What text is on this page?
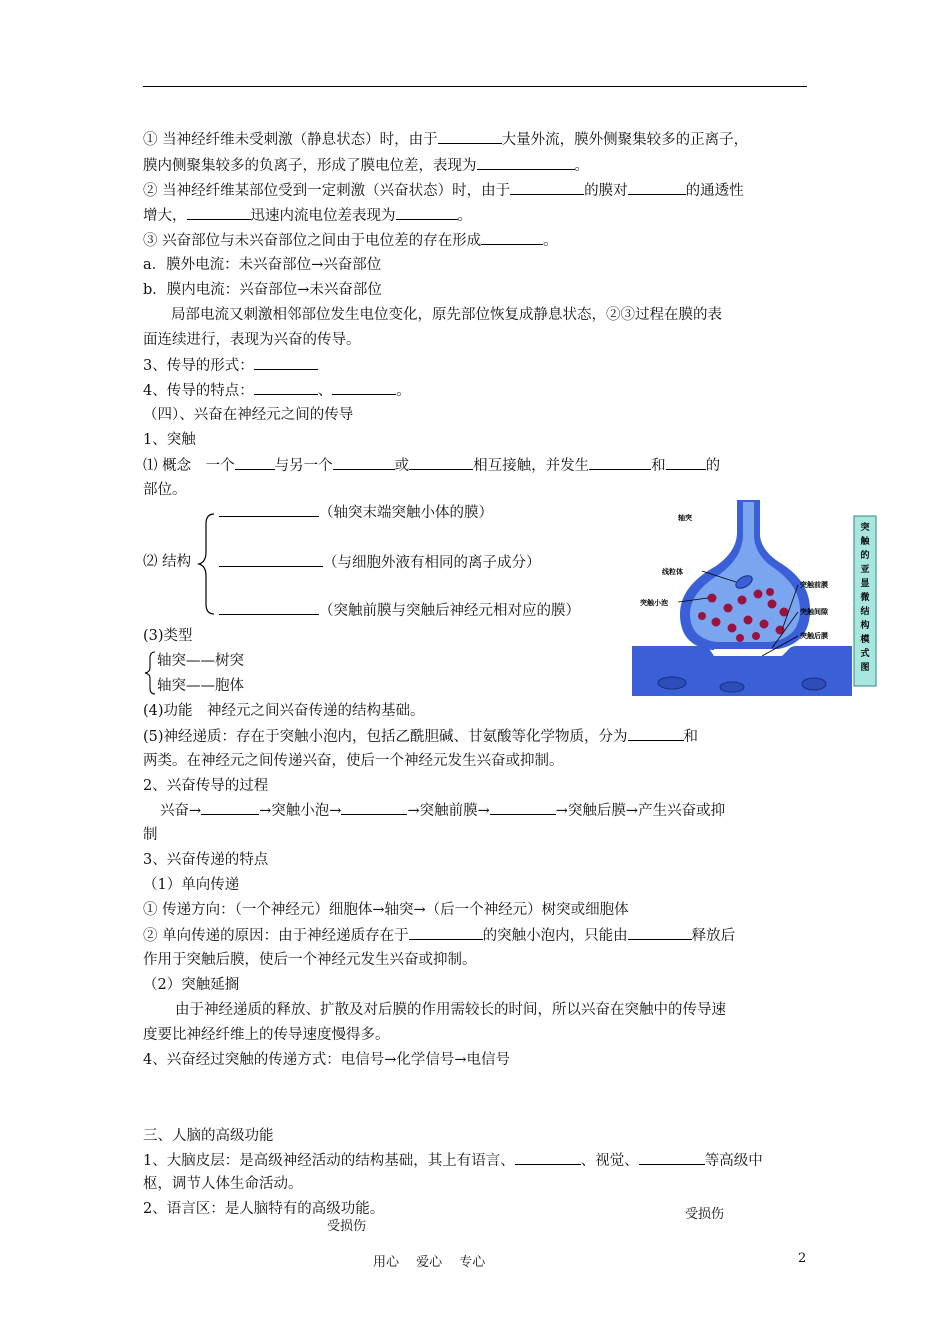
① 当神经纤维未受刺激（静息状态）时，由于	大量外流，膜外侧聚集较多的正离子，
膜内侧聚集较多的负离子，形成了膜电位差，表现为	。
② 当神经纤维某部位受到一定刺激（兴奋状态）时，由于	的膜对	的通透性
增大，	迅速内流电位差表现为	。
③ 兴奋部位与未兴奋部位之间由于电位差的存在形成	。
a．膜外电流：未兴奋部位→兴奋部位
b．膜内电流：兴奋部位→未兴奋部位
局部电流又刺激相邻部位发生电位变化，原先部位恢复成静息状态，②③过程在膜的表
面连续进行，表现为兴奋的传导。
3、传导的形式：
4、传导的特点：	、	。
（四）、兴奋在神经元之间的传导
1、突触
⑴ 概念　一个	与另一个	或	相互接触，并发生	和	的
部位。
（轴突末端突触小体的膜）
⑵ 结构	（与细胞外液有相同的离子成分）
（突触前膜与突触后神经元相对应的膜）
(3)类型
轴突——树突
轴突——胞体
(4)功能　神经元之间兴奋传递的结构基础。
(5)神经递质：存在于突触小泡内，包括乙酰胆碱、甘氨酸等化学物质，分为	和
两类。在神经元之间传递兴奋，使后一个神经元发生兴奋或抑制。
2、兴奋传导的过程
兴奋→	→突触小泡→	→突触前膜→	→突触后膜→产生兴奋或抑
制
3、兴奋传递的特点
（1）单向传递
① 传递方向：（一个神经元）细胞体→轴突→（后一个神经元）树突或细胞体
② 单向传递的原因：由于神经递质存在于	的突触小泡内，只能由	释放后
作用于突触后膜，使后一个神经元发生兴奋或抑制。
（2）突触延搁
由于神经递质的释放、扩散及对后膜的作用需较长的时间，所以兴奋在突触中的传导速
度要比神经纤维上的传导速度慢得多。
4、兴奋经过突触的传递方式：电信号→化学信号→电信号
三、人脑的高级功能
1、大脑皮层：是高级神经活动的结构基础，其上有语言、	、视觉、	等高级中
枢，调节人体生命活动。
2、语言区：是人脑特有的高级功能。	受损伤
受损伤
用心　 爱心　 专心	2
轴突
线粒体
突触小泡
突触前膜
突触间隙
突触后膜
突触的亚显微结构模式图
